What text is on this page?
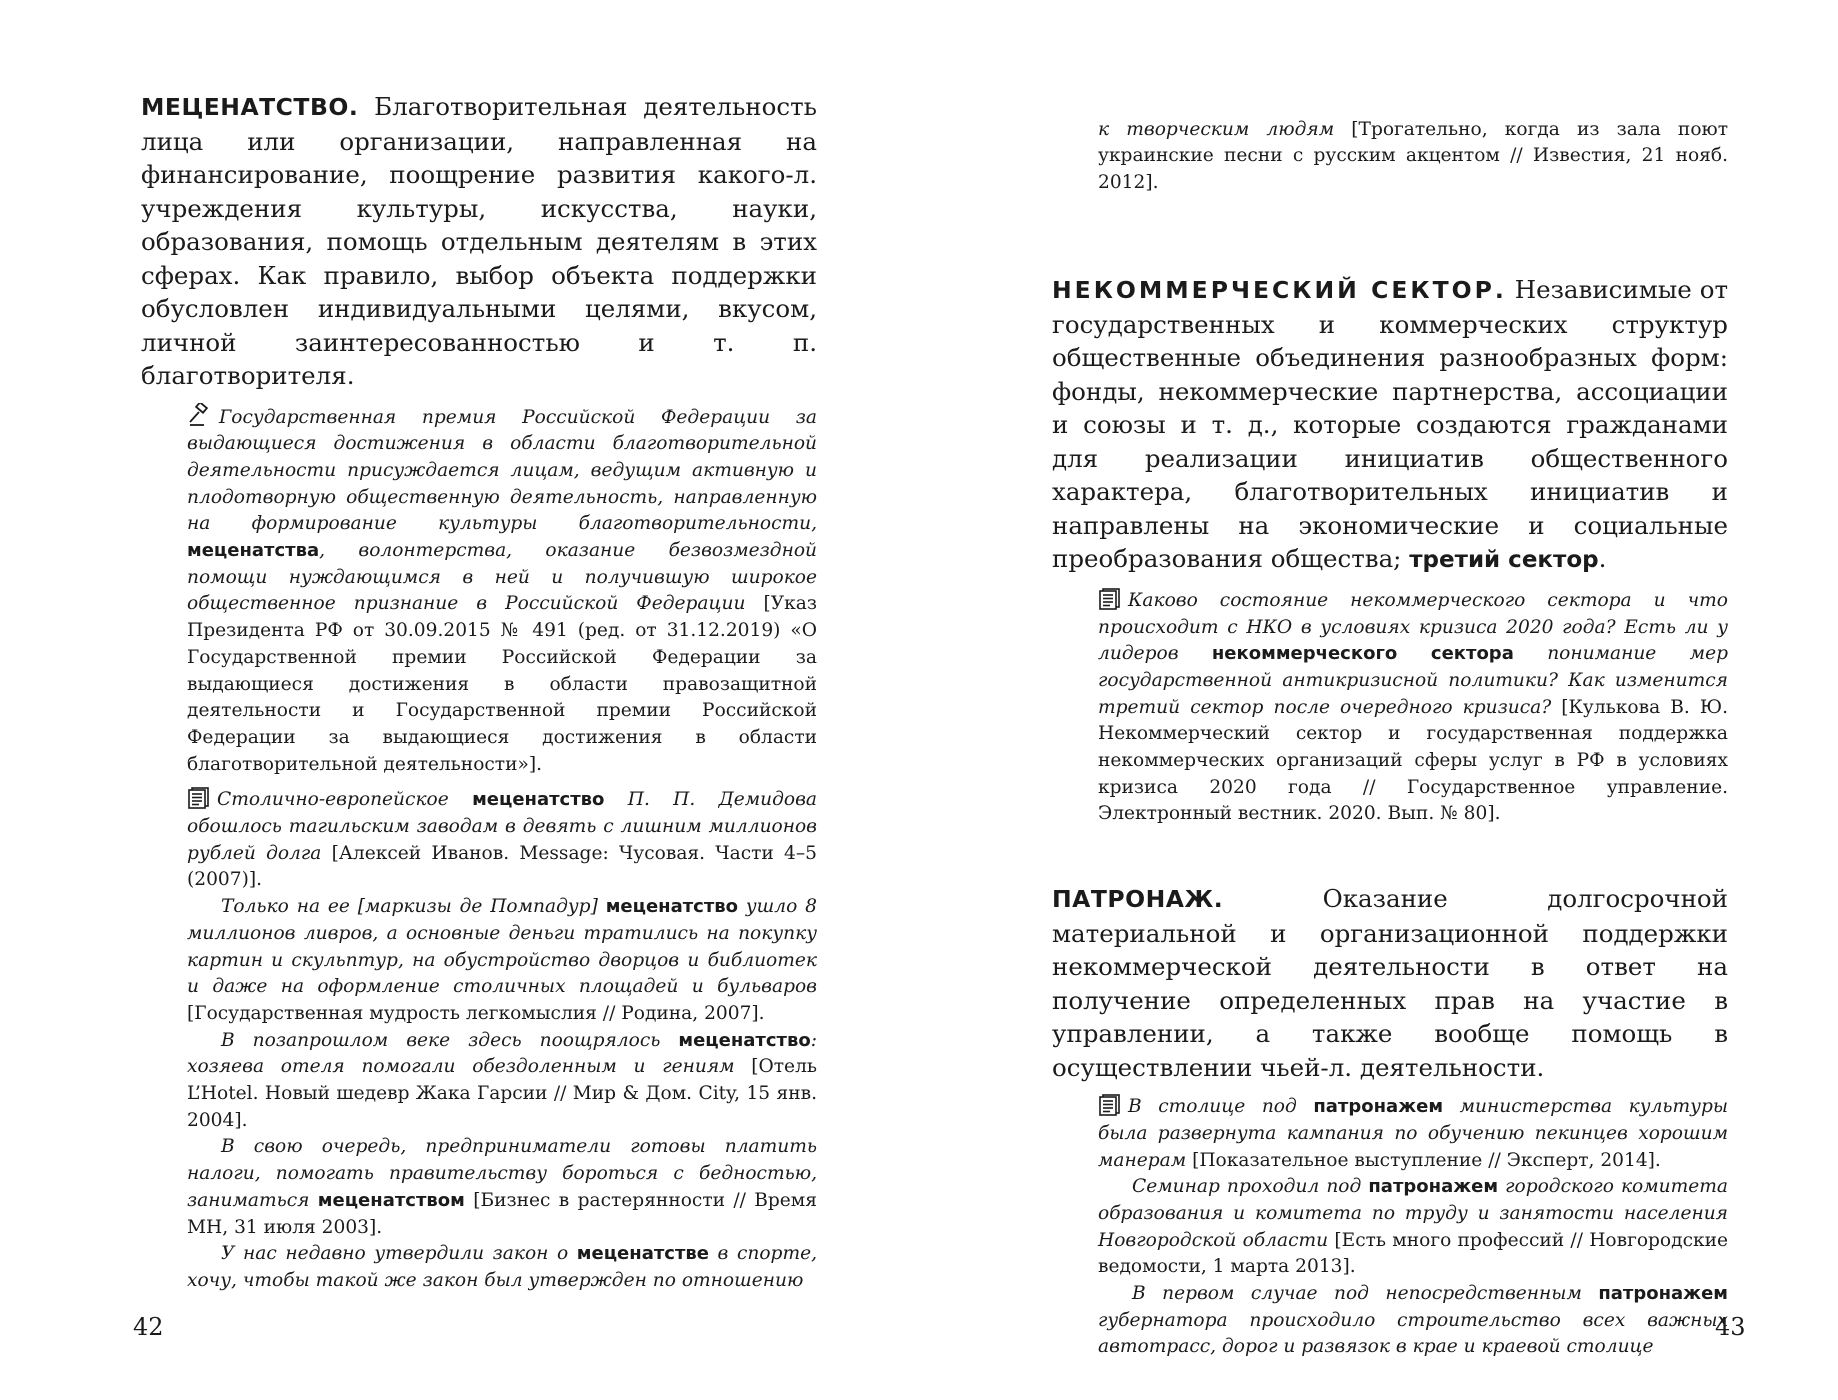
МЕЦЕНАТСТВО. Благотворительная деятельность лица или организации, направленная на финансирование, поощрение развития какого-л. учреждения культуры, искусства, науки, образования, помощь отдельным деятелям в этих сферах. Как правило, выбор объекта поддержки обусловлен индивидуальными целями, вкусом, личной заинтересованностью и т. п. благотворителя.

Государственная премия Российской Федерации за выдающиеся достижения в области благотворительной деятельности присуждается лицам, ведущим активную и плодотворную общественную деятельность, направленную на формирование культуры благотворительности, меценатства, волонтерства, оказание безвозмездной помощи нуждающимся в ней и получившую широкое общественное признание в Российской Федерации [Указ Президента РФ от 30.09.2015 № 491 (ред. от 31.12.2019) «О Государственной премии Российской Федерации за выдающиеся достижения в области правозащитной деятельности и Государственной премии Российской Федерации за выдающиеся достижения в области благотворительной деятельности»].

Столично-европейское меценатство П. П. Демидова обошлось тагильским заводам в девять с лишним миллионов рублей долга [Алексей Иванов. Message: Чусовая. Части 4–5 (2007)].

Только на ее [маркизы де Помпадур] меценатство ушло 8 миллионов ливров, а основные деньги тратились на покупку картин и скульптур, на обустройство дворцов и библиотек и даже на оформление столичных площадей и бульваров [Государственная мудрость легкомыслия // Родина, 2007].

В позапрошлом веке здесь поощрялось меценатство: хозяева отеля помогали обездоленным и гениям [Отель L’Hotel. Новый шедевр Жака Гарсии // Мир & Дом. City, 15 янв. 2004].

В свою очередь, предприниматели готовы платить налоги, помогать правительству бороться с бедностью, заниматься меценатством [Бизнес в растерянности // Время МН, 31 июля 2003].

У нас недавно утвердили закон о меценатстве в спорте, хочу, чтобы такой же закон был утвержден по отношению

42

к творческим людям [Трогательно, когда из зала поют украинские песни с русским акцентом // Известия, 21 нояб. 2012].

НЕКОММЕРЧЕСКИЙ СЕКТОР. Независимые от государственных и коммерческих структур общественные объединения разнообразных форм: фонды, некоммерческие партнерства, ассоциации и союзы и т. д., которые создаются гражданами для реализации инициатив общественного характера, благотворительных инициатив и направлены на экономические и социальные преобразования общества; третий сектор.

Каково состояние некоммерческого сектора и что происходит с НКО в условиях кризиса 2020 года? Есть ли у лидеров некоммерческого сектора понимание мер государственной антикризисной политики? Как изменится третий сектор после очередного кризиса? [Кулькова В. Ю. Некоммерческий сектор и государственная поддержка некоммерческих организаций сферы услуг в РФ в условиях кризиса 2020 года // Государственное управление. Электронный вестник. 2020. Вып. № 80].

ПАТРОНАЖ. Оказание долгосрочной материальной и организационной поддержки некоммерческой деятельности в ответ на получение определенных прав на участие в управлении, а также вообще помощь в осуществлении чьей-л. деятельности.

В столице под патронажем министерства культуры была развернута кампания по обучению пекинцев хорошим манерам [Показательное выступление // Эксперт, 2014].

Семинар проходил под патронажем городского комитета образования и комитета по труду и занятости населения Новгородской области [Есть много профессий // Новгородские ведомости, 1 марта 2013].

В первом случае под непосредственным патронажем губернатора происходило строительство всех важных автотрасс, дорог и развязок в крае и краевой столице

43
